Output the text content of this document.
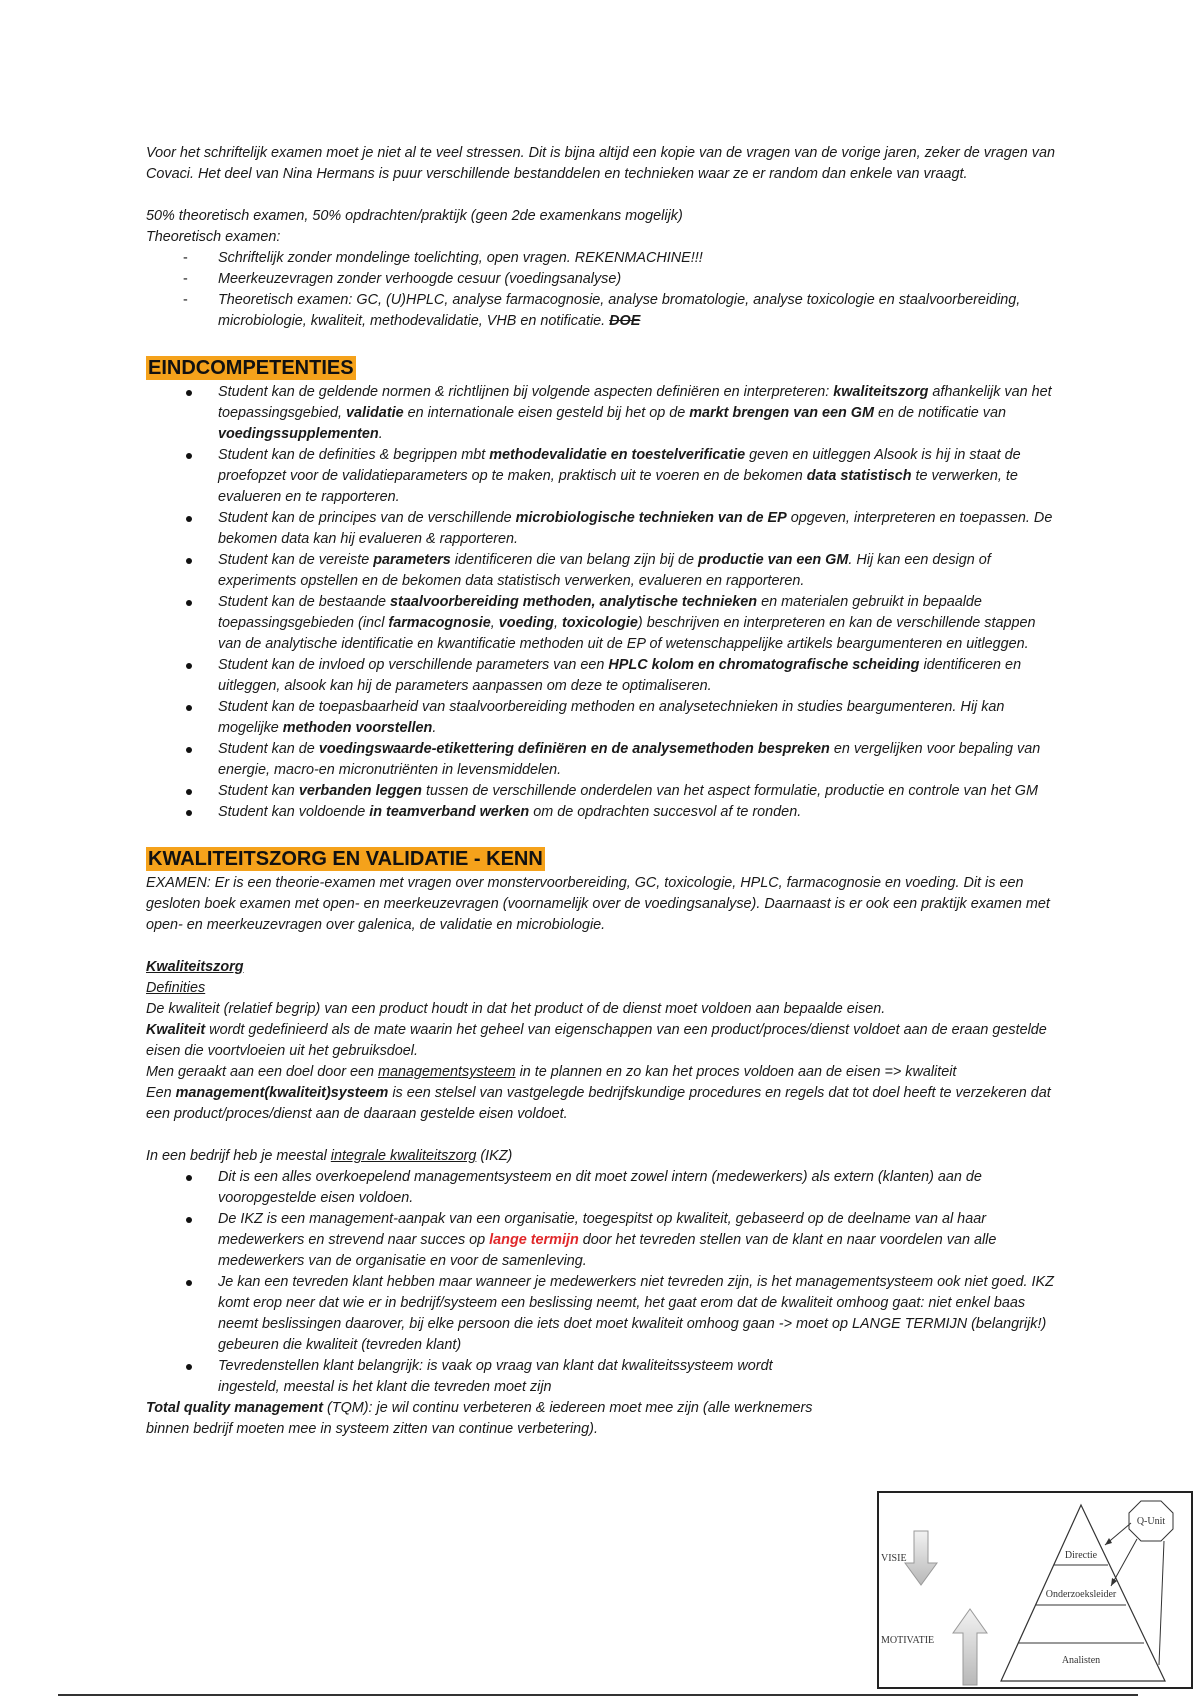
Voor het schriftelijk examen moet je niet al te veel stressen. Dit is bijna altijd een kopie van de vragen van de vorige jaren, zeker de vragen van Covaci. Het deel van Nina Hermans is puur verschillende bestanddelen en technieken waar ze er random dan enkele van vraagt.

50% theoretisch examen, 50% opdrachten/praktijk (geen 2de examenkans mogelijk)

Theoretisch examen:

- Schriftelijk zonder mondelinge toelichting, open vragen. REKENMACHINE!!!
- Meerkeuzevragen zonder verhoogde cesuur (voedingsanalyse)
- Theoretisch examen: GC, (U)HPLC, analyse farmacognosie, analyse bromatologie, analyse toxicologie en staalvoorbereiding, microbiologie, kwaliteit, methodevalidatie, VHB en notificatie. DOE
EINDCOMPETENTIES
Student kan de geldende normen & richtlijnen bij volgende aspecten definiëren en interpreteren: kwaliteitszorg afhankelijk van het toepassingsgebied, validatie en internationale eisen gesteld bij het op de markt brengen van een GM en de notificatie van voedingssupplementen.
Student kan de definities & begrippen mbt methodevalidatie en toestelverificatie geven en uitleggen Alsook is hij in staat de proefopzet voor de validatieparameters op te maken, praktisch uit te voeren en de bekomen data statistisch te verwerken, te evalueren en te rapporteren.
Student kan de principes van de verschillende microbiologische technieken van de EP opgeven, interpreteren en toepassen. De bekomen data kan hij evalueren & rapporteren.
Student kan de vereiste parameters identificeren die van belang zijn bij de productie van een GM. Hij kan een design of experiments opstellen en de bekomen data statistisch verwerken, evalueren en rapporteren.
Student kan de bestaande staalvoorbereiding methoden, analytische technieken en materialen gebruikt in bepaalde toepassingsgebieden (incl farmacognosie, voeding, toxicologie) beschrijven en interpreteren en kan de verschillende stappen van de analytische identificatie en kwantificatie methoden uit de EP of wetenschappelijke artikels beargumenteren en uitleggen.
Student kan de invloed op verschillende parameters van een HPLC kolom en chromatografische scheiding identificeren en uitleggen, alsook kan hij de parameters aanpassen om deze te optimaliseren.
Student kan de toepasbaarheid van staalvoorbereiding methoden en analysetechnieken in studies beargumenteren. Hij kan mogelijke methoden voorstellen.
Student kan de voedingswaarde-etikettering definiëren en de analysemethoden bespreken en vergelijken voor bepaling van energie, macro-en micronutriënten in levensmiddelen.
Student kan verbanden leggen tussen de verschillende onderdelen van het aspect formulatie, productie en controle van het GM
Student kan voldoende in teamverband werken om de opdrachten succesvol af te ronden.
KWALITEITSZORG EN VALIDATIE - KENN

EXAMEN: Er is een theorie-examen met vragen over monstervoorbereiding, GC, toxicologie, HPLC, farmacognosie en voeding. Dit is een gesloten boek examen met open- en meerkeuzevragen (voornamelijk over de voedingsanalyse). Daarnaast is er ook een praktijk examen met open- en meerkeuzevragen over galenica, de validatie en microbiologie.

Kwaliteitszorg

Definities

De kwaliteit (relatief begrip) van een product houdt in dat het product of de dienst moet voldoen aan bepaalde eisen.

Kwaliteit wordt gedefinieerd als de mate waarin het geheel van eigenschappen van een product/proces/dienst voldoet aan de eraan gestelde eisen die voortvloeien uit het gebruiksdoel.

Men geraakt aan een doel door een managementsysteem in te plannen en zo kan het proces voldoen aan de eisen => kwaliteit

Een management(kwaliteit)systeem is een stelsel van vastgelegde bedrijfskundige procedures en regels dat tot doel heeft te verzekeren dat een product/proces/dienst aan de daaraan gestelde eisen voldoet.

In een bedrijf heb je meestal integrale kwaliteitszorg (IKZ)

Dit is een alles overkoepelend managementsysteem en dit moet zowel intern (medewerkers) als extern (klanten) aan de vooropgestelde eisen voldoen.
De IKZ is een management-aanpak van een organisatie, toegespitst op kwaliteit, gebaseerd op de deelname van al haar medewerkers en strevend naar succes op lange termijn door het tevreden stellen van de klant en naar voordelen van alle medewerkers van de organisatie en voor de samenleving.
Je kan een tevreden klant hebben maar wanneer je medewerkers niet tevreden zijn, is het managementsysteem ook niet goed. IKZ komt erop neer dat wie er in bedrijf/systeem een beslissing neemt, het gaat erom dat de kwaliteit omhoog gaat: niet enkel baas neemt beslissingen daarover, bij elke persoon die iets doet moet kwaliteit omhoog gaan -> moet op LANGE TERMIJN (belangrijk!) gebeuren die kwaliteit (tevreden klant)
Tevredenstellen klant belangrijk: is vaak op vraag van klant dat kwaliteitssysteem wordt ingesteld, meestal is het klant die tevreden moet zijn

Total quality management (TQM): je wil continu verbeteren & iedereen moet mee zijn (alle werknemers binnen bedrijf moeten mee in systeem zitten van continue verbetering).

Directie
Onderzoeksleider
Analisten
Q-Unit
VISIE
MOTIVATIE
